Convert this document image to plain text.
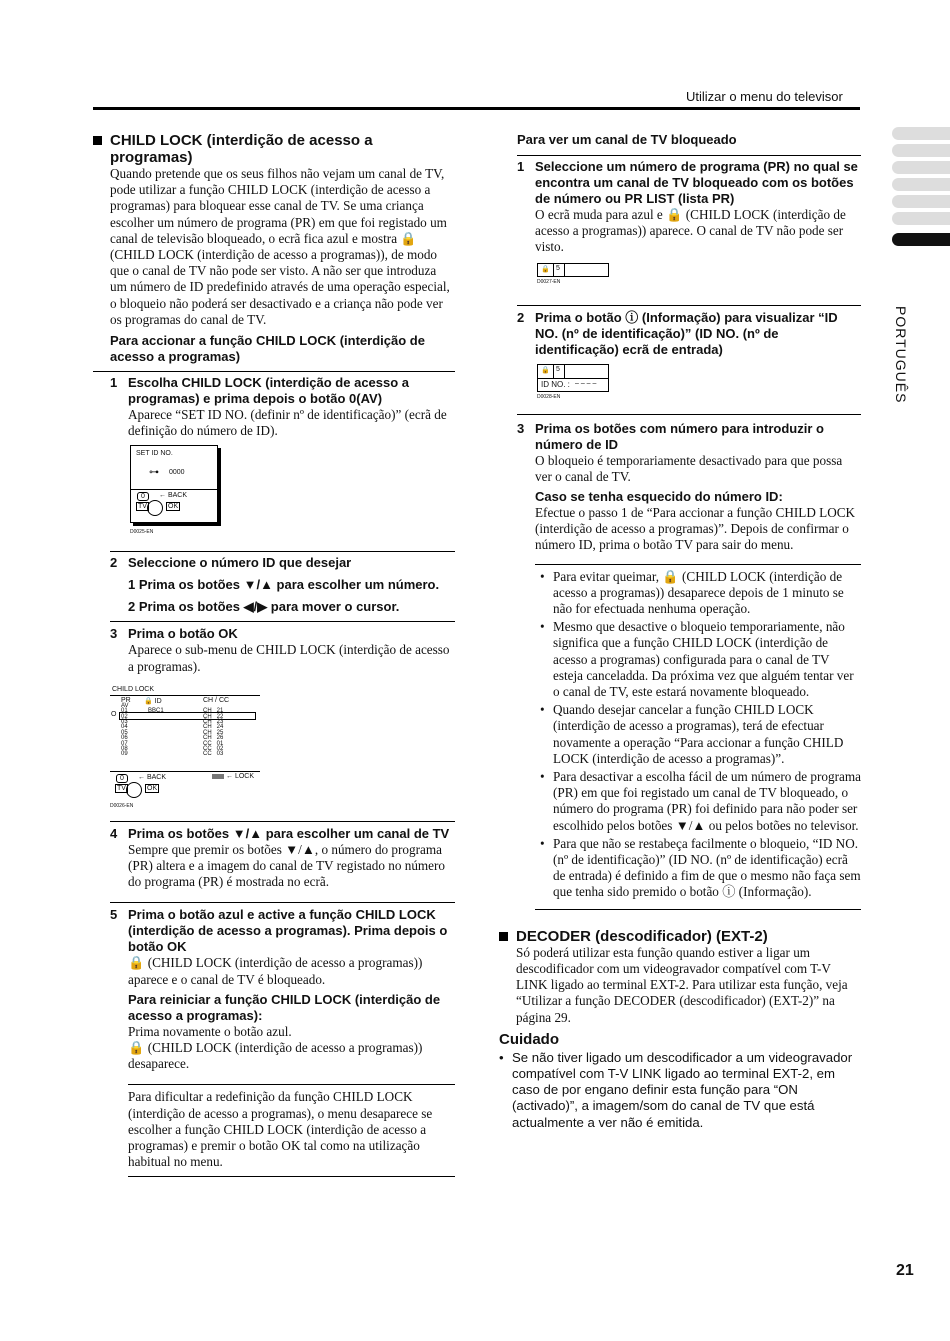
Utilizar o menu do televisor
PORTUGUÊS
CHILD LOCK (interdição de acesso a programas)

Quando pretende que os seus filhos não vejam um canal de TV, pode utilizar a função CHILD LOCK (interdição de acesso a programas) para bloquear esse canal de TV. Se uma criança escolher um número de programa (PR) em que foi registado um canal de televisão bloqueado, o ecrã fica azul e mostra 🔒 (CHILD LOCK (interdição de acesso a programas)), de modo que o canal de TV não pode ser visto. A não ser que introduza um número de ID predefinido através de uma operação especial, o bloqueio não poderá ser desactivado e a criança não pode ver os programas do canal de TV.

Para accionar a função CHILD LOCK (interdição de acesso a programas)

1 Escolha CHILD LOCK (interdição de acesso a programas) e prima depois o botão 0(AV)

Aparece “SET ID NO. (definir nº de identificação)” (ecrã de definição do número de ID).

SET ID NO.
⊶ 0000
0	← BACK
TV	OK
D0025-EN
2 Seleccione o número ID que desejar

1 Prima os botões ▼/▲ para escolher um número.

2 Prima os botões ◀/▶ para mover o cursor.

3 Prima o botão OK

Aparece o sub-menu de CHILD LOCK (interdição de acesso a programas).

CHILD LOCK
PR 🔒 ID	CH / CC
O
AV
01	BBC1	CH   21
02	CH   22
03	CH   23
04	CH   24
05	CH   25
06	CH   26
07	CC   01
08	CC   02
09	CC   03
0	← BACK	← LOCK
TV	OK
D0026-EN
4 Prima os botões ▼/▲ para escolher um canal de TV

Sempre que premir os botões ▼/▲, o número do programa (PR) altera e a imagem do canal de TV registado no número do programa (PR) é mostrada no ecrã.

5 Prima o botão azul e active a função CHILD LOCK (interdição de acesso a programas). Prima depois o botão OK

🔒 (CHILD LOCK (interdição de acesso a programas)) aparece e o canal de TV é bloqueado.

Para reiniciar a função CHILD LOCK (interdição de acesso a programas):

Prima novamente o botão azul.

🔒 (CHILD LOCK (interdição de acesso a programas)) desaparece.

Para dificultar a redefinição da função CHILD LOCK (interdição de acesso a programas), o menu desaparece se escolher a função CHILD LOCK (interdição de acesso a programas) e premir o botão OK tal como na utilização habitual no menu.

Para ver um canal de TV bloqueado

1 Seleccione um número de programa (PR) no qual se encontra um canal de TV bloqueado com os botões de número ou PR LIST (lista PR)

O ecrã muda para azul e 🔒 (CHILD LOCK (interdição de acesso a programas)) aparece. O canal de TV não pode ser visto.

🔒 5
D0027-EN
2 Prima o botão ⓘ (Informação) para visualizar “ID NO. (nº de identificação)” (ID NO. (nº de identificação) ecrã de entrada)
🔒 5
ID NO. : – – – –
D0028-EN
3 Prima os botões com número para introduzir o número de ID

O bloqueio é temporariamente desactivado para que possa ver o canal de TV.

Caso se tenha esquecido do número ID:

Efectue o passo 1 de “Para accionar a função CHILD LOCK (interdição de acesso a programas)”. Depois de confirmar o número ID, prima o botão TV para sair do menu.

• Para evitar queimar, 🔒 (CHILD LOCK (interdição de acesso a programas)) desaparece depois de 1 minuto se não for efectuada nenhuma operação.
• Mesmo que desactive o bloqueio temporariamente, não significa que a função CHILD LOCK (interdição de acesso a programas) configurada para o canal de TV esteja canceladda. Da próxima vez que alguém tentar ver o canal de TV, este estará novamente bloqueado.
• Quando desejar cancelar a função CHILD LOCK (interdição de acesso a programas), terá de efectuar novamente a operação “Para accionar a função CHILD LOCK (interdição de acesso a programas)”.
• Para desactivar a escolha fácil de um número de programa (PR) em que foi registado um canal de TV bloqueado, o número do programa (PR) foi definido para não poder ser escolhido pelos botões ▼/▲ ou pelos botões no televisor.
• Para que não se restabeça facilmente o bloqueio, “ID NO. (nº de identificação)” (ID NO. (nº de identificação) ecrã de entrada) é definido a fim de que o mesmo não faça sem que tenha sido premido o botão ⓘ (Informação).
DECODER (descodificador) (EXT-2)

Só poderá utilizar esta função quando estiver a ligar um descodificador com um videogravador compatível com T-V LINK ligado ao terminal EXT-2. Para utilizar esta função, veja “Utilizar a função DECODER (descodificador) (EXT-2)” na página 29.

Cuidado

• Se não tiver ligado um descodificador a um videogravador compatível com T-V LINK ligado ao terminal EXT-2, em caso de por engano definir esta função para “ON (activado)”, a imagem/som do canal de TV que está actualmente a ver não é emitida.
21
